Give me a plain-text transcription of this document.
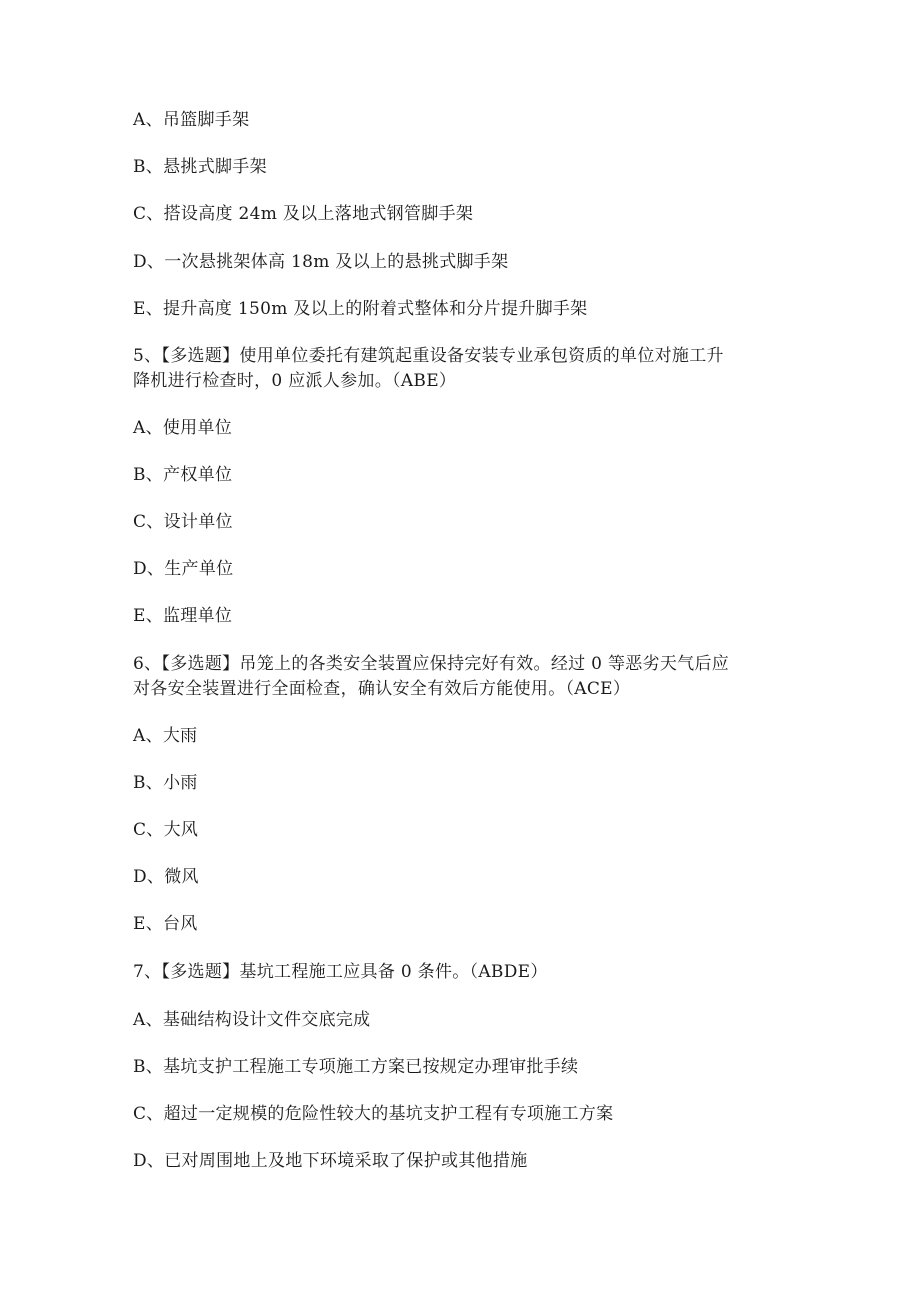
A、吊篮脚手架
B、悬挑式脚手架
C、搭设高度 24m 及以上落地式钢管脚手架
D、一次悬挑架体高 18m 及以上的悬挑式脚手架
E、提升高度 150m 及以上的附着式整体和分片提升脚手架
5、【多选题】使用单位委托有建筑起重设备安装专业承包资质的单位对施工升
降机进行检查时，0 应派人参加。（ABE）
A、使用单位
B、产权单位
C、设计单位
D、生产单位
E、监理单位
6、【多选题】吊笼上的各类安全装置应保持完好有效。经过 0 等恶劣天气后应
对各安全装置进行全面检查，确认安全有效后方能使用。（ACE）
A、大雨
B、小雨
C、大风
D、微风
E、台风
7、【多选题】基坑工程施工应具备 0 条件。（ABDE）
A、基础结构设计文件交底完成
B、基坑支护工程施工专项施工方案已按规定办理审批手续
C、超过一定规模的危险性较大的基坑支护工程有专项施工方案
D、已对周围地上及地下环境采取了保护或其他措施
